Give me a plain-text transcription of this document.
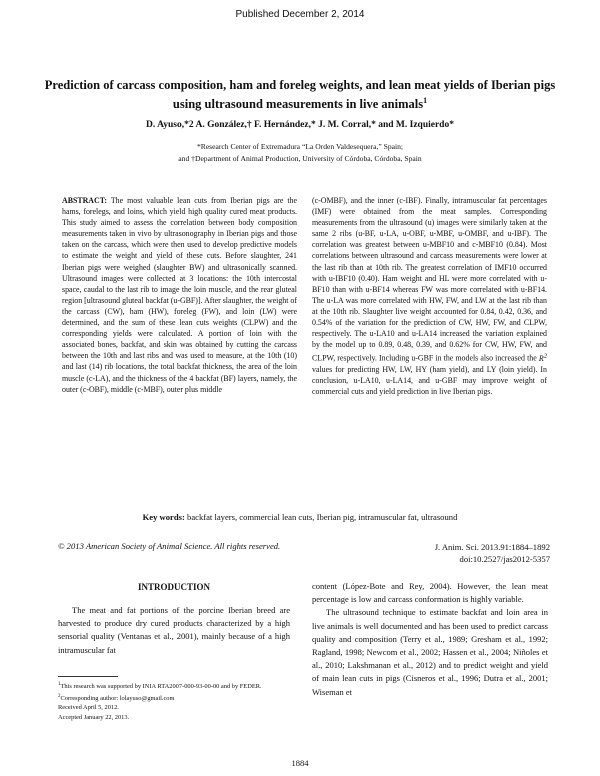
Published December 2, 2014
Prediction of carcass composition, ham and foreleg weights, and lean meat yields of Iberian pigs using ultrasound measurements in live animals$^1$
D. Ayuso,*2 A. González,† F. Hernández,* J. M. Corral,* and M. Izquierdo*
*Research Center of Extremadura “La Orden Valdesequera,” Spain;
and †Department of Animal Production, University of Córdoba, Córdoba, Spain

ABSTRACT: The most valuable lean cuts from Iberian pigs are the hams, forelegs, and loins, which yield high quality cured meat products. This study aimed to assess the correlation between body composition measurements taken in vivo by ultrasonography in Iberian pigs and those taken on the carcass, which were then used to develop predictive models to estimate the weight and yield of these cuts. Before slaughter, 241 Iberian pigs were weighed (slaughter BW) and ultrasonically scanned. Ultrasound images were collected at 3 locations: the 10th intercostal space, caudal to the last rib to image the loin muscle, and the rear gluteal region [ultrasound gluteal backfat (u-GBF)]. After slaughter, the weight of the carcass (CW), ham (HW), foreleg (FW), and loin (LW) were determined, and the sum of these lean cuts weights (CLPW) and the corresponding yields were calculated. A portion of loin with the associated bones, backfat, and skin was obtained by cutting the carcass between the 10th and last ribs and was used to measure, at the 10th (10) and last (14) rib locations, the total backfat thickness, the area of the loin muscle (c-LA), and the thickness of the 4 backfat (BF) layers, namely, the outer (c-OBF), middle (c-MBF), outer plus middle

(c-OMBF), and the inner (c-IBF). Finally, intramuscular fat percentages (IMF) were obtained from the meat samples. Corresponding measurements from the ultrasound (u) images were similarly taken at the same 2 ribs (u-BF, u-LA, u-OBF, u-MBF, u-OMBF, and u-IBF). The correlation was greatest between u-MBF10 and c-MBF10 (0.84). Most correlations between ultrasound and carcass measurements were lower at the last rib than at 10th rib. The greatest correlation of IMF10 occurred with u-IBF10 (0.40). Ham weight and HL were more correlated with u-BF10 than with u-BF14 whereas FW was more correlated with u-BF14. The u-LA was more correlated with HW, FW, and LW at the last rib than at the 10th rib. Slaughter live weight accounted for 0.84, 0.42, 0.36, and 0.54% of the variation for the prediction of CW, HW, FW, and CLPW, respectively. The u-LA10 and u-LA14 increased the variation explained by the model up to 0.89, 0.48, 0.39, and 0.62% for CW, HW, FW, and CLPW, respectively. Including u-GBF in the models also increased the $R^2$ values for predicting HW, LW, HY (ham yield), and LY (loin yield). In conclusion, u-LA10, u-LA14, and u-GBF may improve weight of commercial cuts and yield prediction in live Iberian pigs.

Key words: backfat layers, commercial lean cuts, Iberian pig, intramuscular fat, ultrasound
© 2013 American Society of Animal Science. All rights reserved.	J. Anim. Sci. 2013.91:1884–1892
doi:10.2527/jas2012-5357
INTRODUCTION

The meat and fat portions of the porcine Iberian breed are harvested to produce dry cured products characterized by a high sensorial quality (Ventanas et al., 2001), mainly because of a high intramuscular fat

content (López-Bote and Rey, 2004). However, the lean meat percentage is low and carcass conformation is highly variable.

The ultrasound technique to estimate backfat and loin area in live animals is well documented and has been used to predict carcass quality and composition (Terry et al., 1989; Gresham et al., 1992; Ragland, 1998; Newcom et al., 2002; Hassen et al., 2004; Niñoles et al., 2010; Lakshmanan et al., 2012) and to predict weight and yield of main lean cuts in pigs (Cisneros et al., 1996; Dutra et al., 2001; Wiseman et

$^1$This research was supported by INIA RTA2007-000-93-00-00 and by FEDER.

$^2$Corresponding author: lolayuso@gmail.com

Received April 5, 2012.

Accepted January 22, 2013.

1884
